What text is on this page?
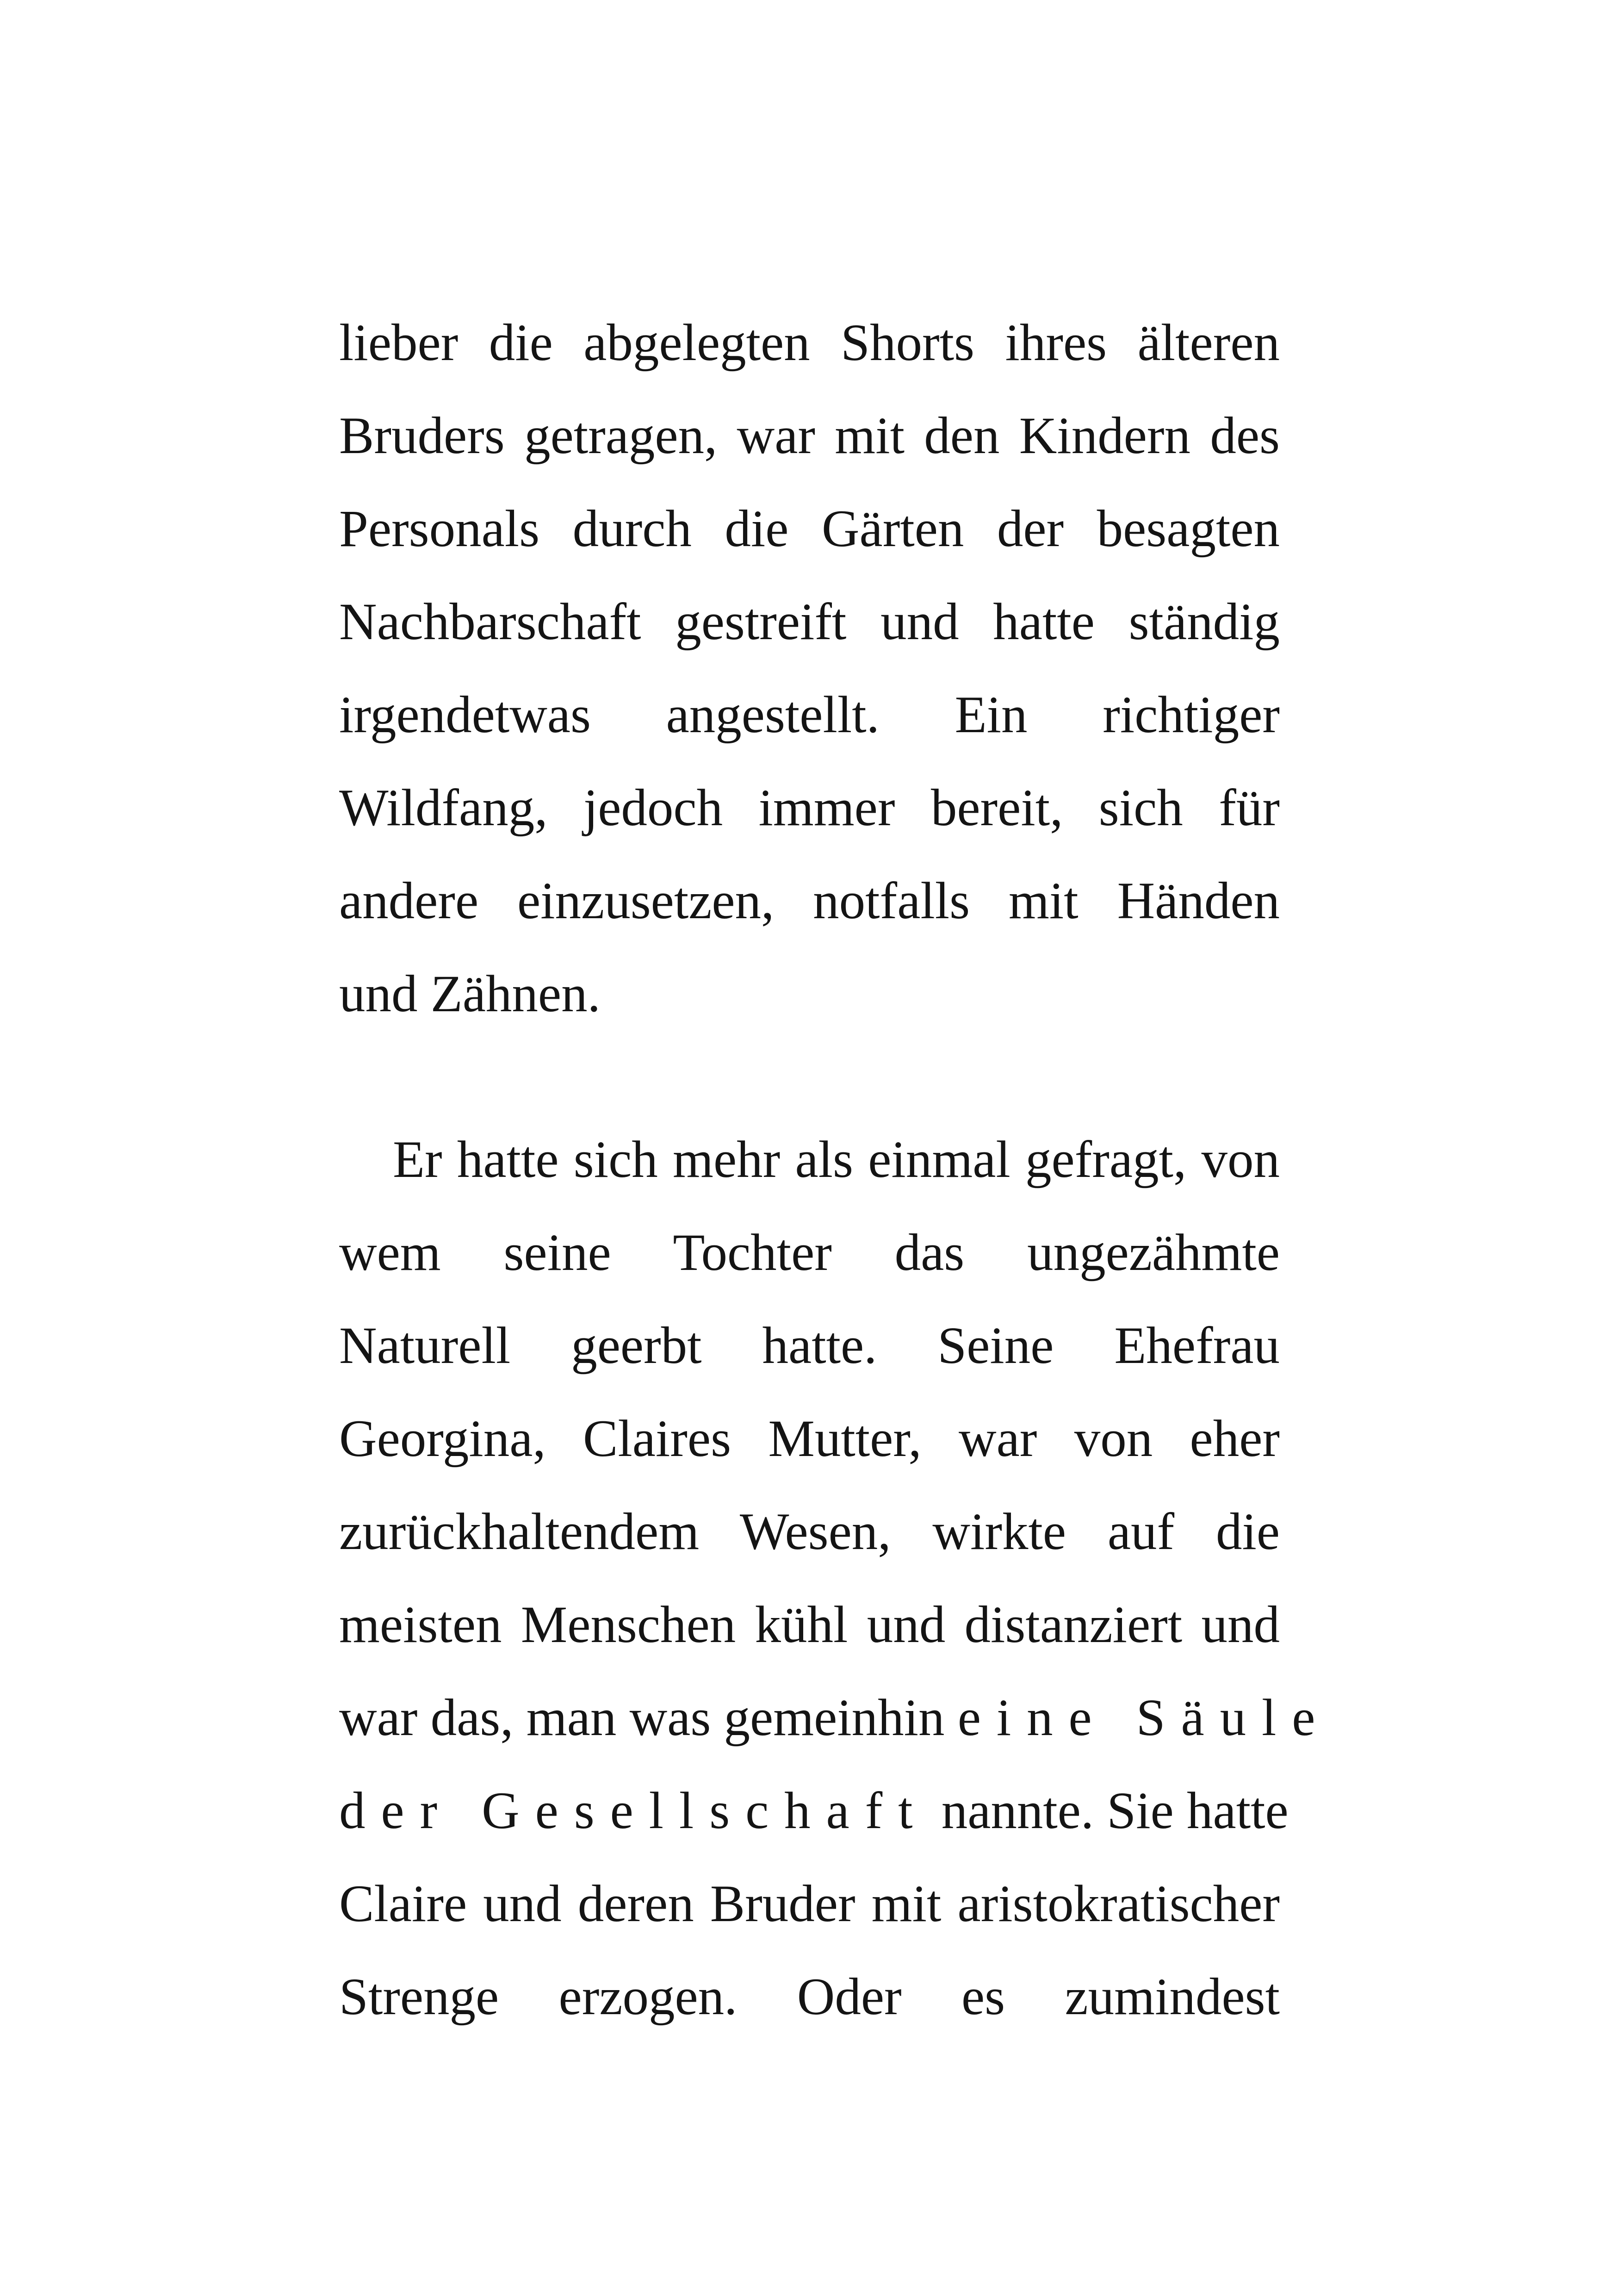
lieber die abgelegten Shorts ihres älteren
Bruders getragen, war mit den Kindern des
Personals durch die Gärten der besagten
Nachbarschaft gestreift und hatte ständig
irgendetwas angestellt. Ein richtiger
Wildfang, jedoch immer bereit, sich für
andere einzusetzen, notfalls mit Händen
und Zähnen.
Er hatte sich mehr als einmal gefragt, von
wem seine Tochter das ungezähmte
Naturell geerbt hatte. Seine Ehefrau
Georgina, Claires Mutter, war von eher
zurückhaltendem Wesen, wirkte auf die
meisten Menschen kühl und distanziert und
war das, man was gemeinhin eine Säule
der Gesellschaft nannte. Sie hatte
Claire und deren Bruder mit aristokratischer
Strenge erzogen. Oder es zumindest
